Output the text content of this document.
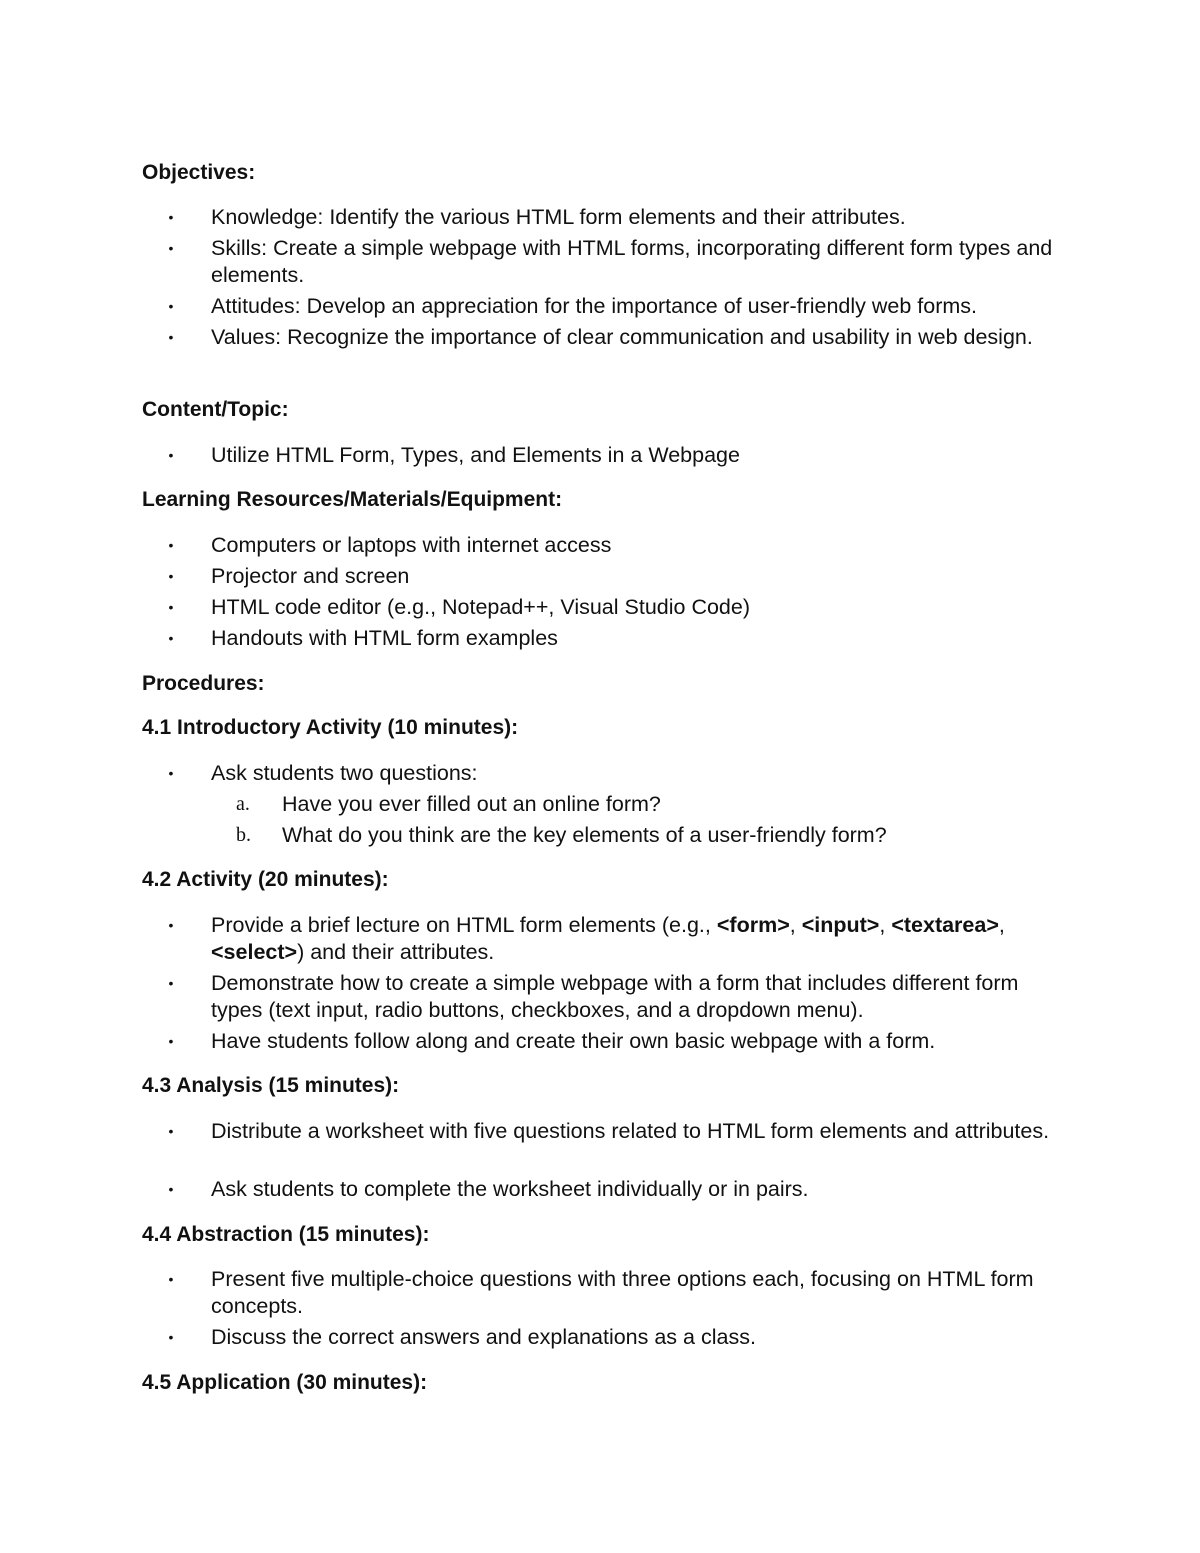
Objectives:
•
Knowledge: Identify the various HTML form elements and their attributes.
•
Skills: Create a simple webpage with HTML forms, incorporating different form types and elements.
•
Attitudes: Develop an appreciation for the importance of user-friendly web forms.
•
Values: Recognize the importance of clear communication and usability in web design.
Content/Topic:
•
Utilize HTML Form, Types, and Elements in a Webpage
Learning Resources/Materials/Equipment:
•
Computers or laptops with internet access
•
Projector and screen
•
HTML code editor (e.g., Notepad++, Visual Studio Code)
•
Handouts with HTML form examples
Procedures:
4.1 Introductory Activity (10 minutes):
•
Ask students two questions:
a. Have you ever filled out an online form?
b. What do you think are the key elements of a user-friendly form?
4.2 Activity (20 minutes):
•
Provide a brief lecture on HTML form elements (e.g., <form>, <input>, <textarea>, <select>) and their attributes.
•
Demonstrate how to create a simple webpage with a form that includes different form types (text input, radio buttons, checkboxes, and a dropdown menu).
•
Have students follow along and create their own basic webpage with a form.
4.3 Analysis (15 minutes):
•
Distribute a worksheet with five questions related to HTML form elements and attributes.
•
Ask students to complete the worksheet individually or in pairs.
4.4 Abstraction (15 minutes):
•
Present five multiple-choice questions with three options each, focusing on HTML form concepts.
•
Discuss the correct answers and explanations as a class.
4.5 Application (30 minutes):
